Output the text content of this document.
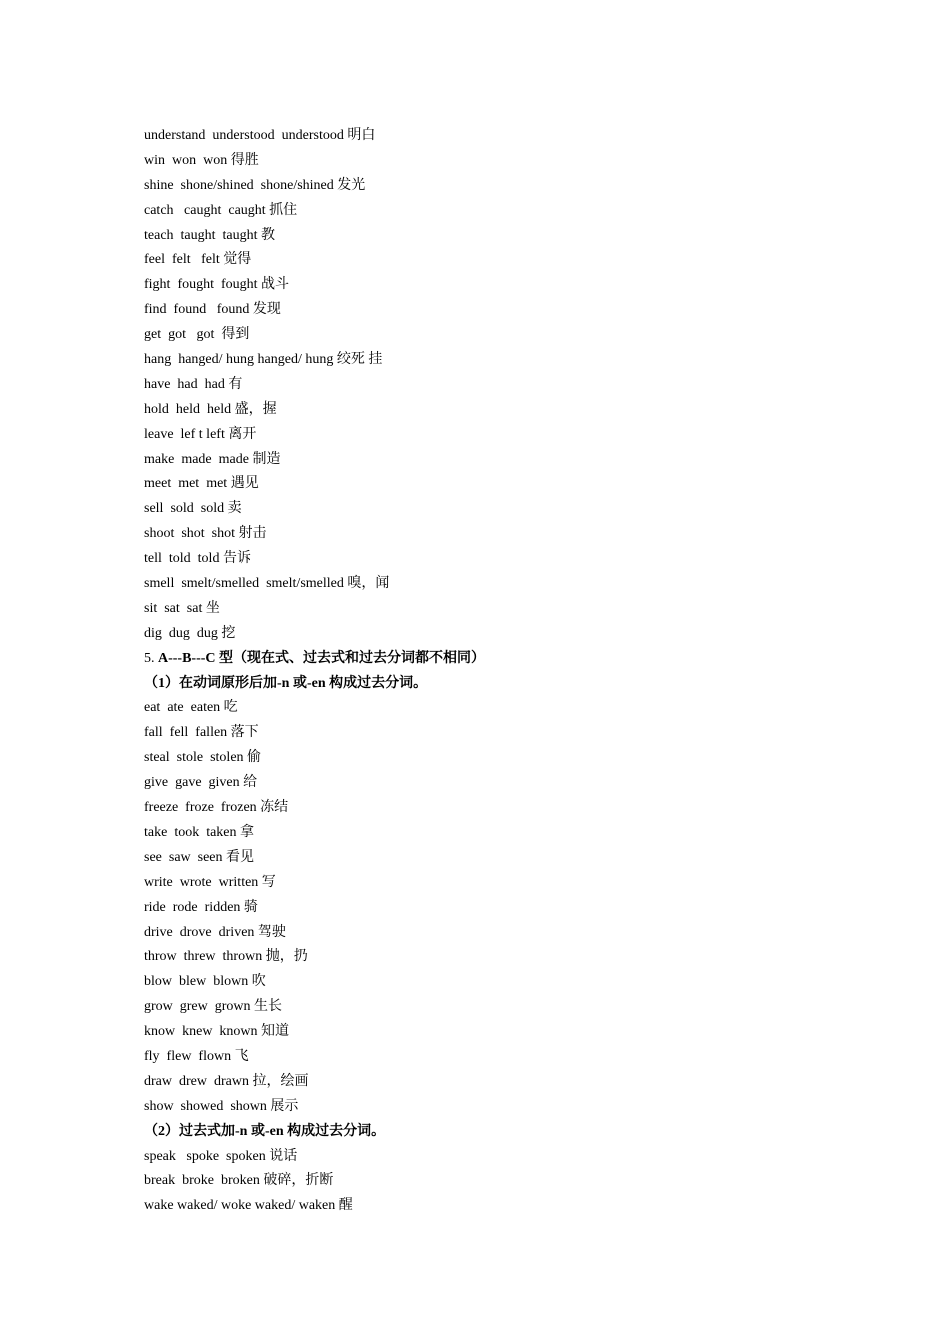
understand  understood  understood 明白
win  won  won 得胜
shine  shone/shined  shone/shined 发光
catch   caught  caught 抓住
teach  taught  taught 教
feel  felt   felt 觉得
fight  fought  fought 战斗
find  found   found 发现
get  got   got  得到
hang  hanged/ hung hanged/ hung 绞死 挂
have  had  had 有
hold  held  held 盛，握
leave  lef t left 离开
make  made  made 制造
meet  met  met 遇见
sell  sold  sold 卖
shoot  shot  shot 射击
tell  told  told 告诉
smell  smelt/smelled  smelt/smelled 嗅，闻
sit  sat  sat 坐
dig  dug  dug 挖
5. A---B---C 型（现在式、过去式和过去分词都不相同）
（1）在动词原形后加-n 或-en 构成过去分词。
eat  ate  eaten 吃
fall  fell  fallen 落下
steal  stole  stolen 偷
give  gave  given 给
freeze  froze  frozen 冻结
take  took  taken 拿
see  saw  seen 看见
write  wrote  written 写
ride  rode  ridden 骑
drive  drove  driven 驾驶
throw  threw  thrown 抛，扔
blow  blew  blown 吹
grow  grew  grown 生长
know  knew  known 知道
fly  flew  flown 飞
draw  drew  drawn 拉，绘画
show  showed  shown 展示
（2）过去式加-n 或-en 构成过去分词。
speak   spoke  spoken 说话
break  broke  broken 破碎，折断
wake waked/ woke waked/ waken 醒
